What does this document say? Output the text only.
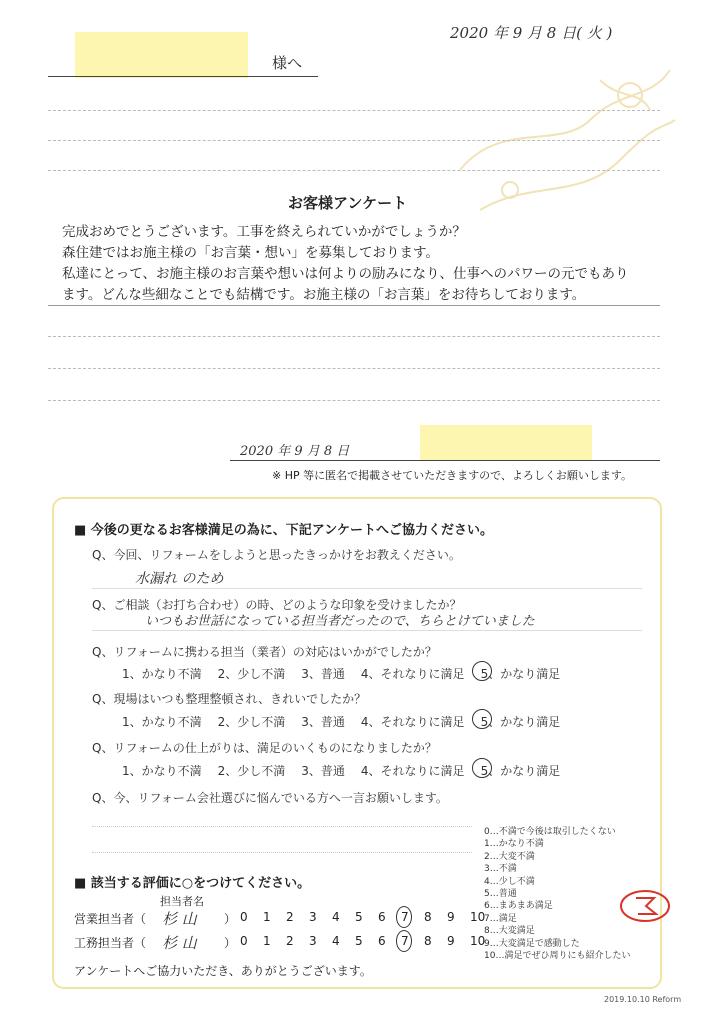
2020 年 9 月 8 日( 火 )
様へ
お客様アンケート
完成おめでとうございます。工事を終えられていかがでしょうか？
森住建ではお施主様の「お言葉・想い」を募集しております。
私達にとって、お施主様のお言葉や想いは何よりの励みになり、仕事へのパワーの元でもあり
ます。どんな些細なことでも結構です。お施主様の「お言葉」をお待ちしております。
2020 年 9 月 8 日
※ HP 等に匿名で掲載させていただきますので、よろしくお願いします。
■ 今後の更なるお客様満足の為に、下記アンケートへご協力ください。
Q、今回、リフォームをしようと思ったきっかけをお教えください。
水漏れ のため
Q、ご相談（お打ち合わせ）の時、どのような印象を受けましたか？
いつもお世話になっている担当者だったので、ちらとけていました
Q、リフォームに携わる担当（業者）の対応はいかがでしたか？
1、かなり不満 2、少し不満 3、普通 4、それなりに満足 5、かなり満足
Q、現場はいつも整理整頓され、きれいでしたか？
1、かなり不満 2、少し不満 3、普通 4、それなりに満足 5、かなり満足
Q、リフォームの仕上がりは、満足のいくものになりましたか？
1、かなり不満 2、少し不満 3、普通 4、それなりに満足 5、かなり満足
Q、今、リフォーム会社選びに悩んでいる方へ一言お願いします。
0…不満で今後は取引したくない
1…かなり不満
2…大変不満
3…不満
4…少し不満
5…普通
6…まあまあ満足
7…満足
8…大変満足
9…大変満足で感動した
10…満足でぜひ周りにも紹介したい
■ 該当する評価に○をつけてください。
担当者名
営業担当者（ 杉 山 ） 0 1 2 3 4 5 6 7 8 9 10
工務担当者（ 杉 山 ） 0 1 2 3 4 5 6 7 8 9 10
アンケートへご協力いただき、ありがとうございます。
2019.10.10 Reform
